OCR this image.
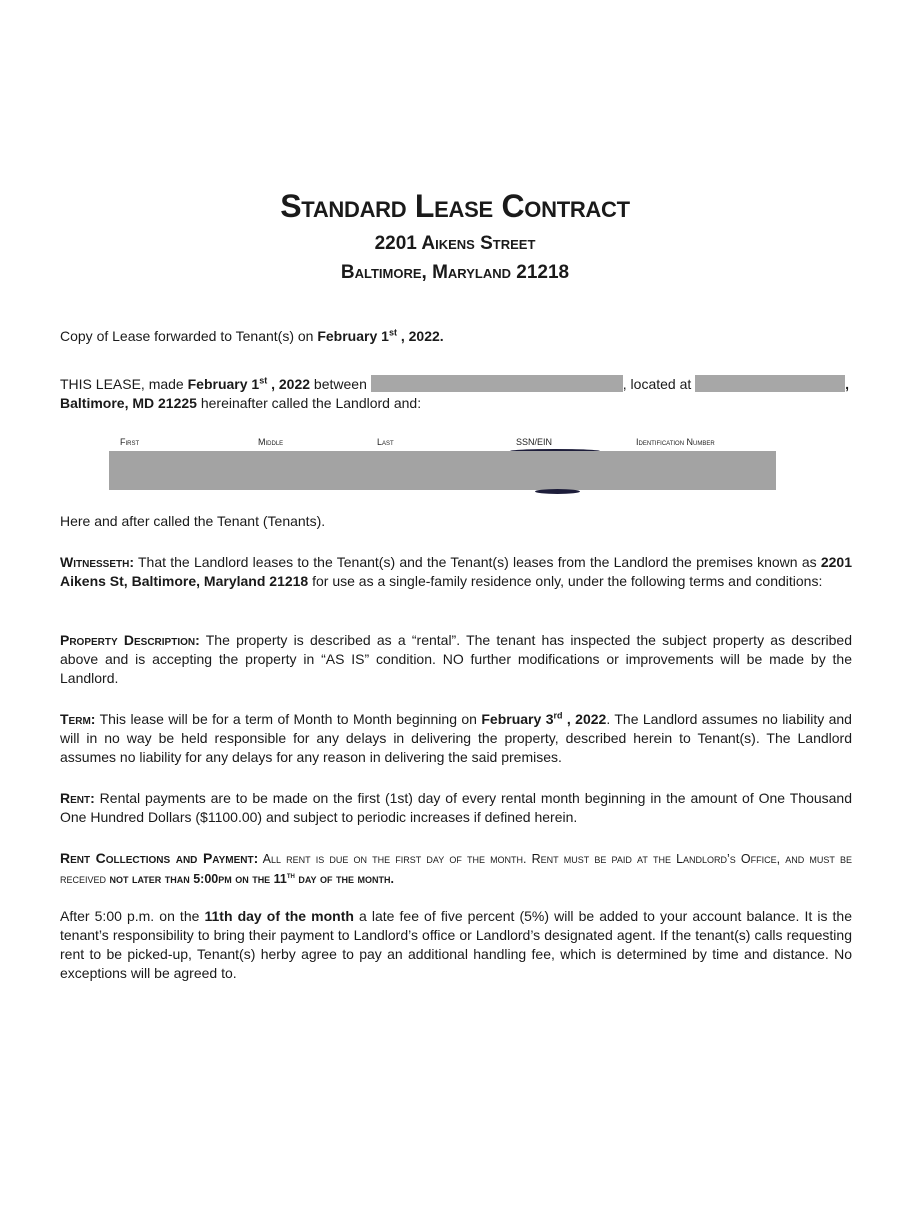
Standard Lease Contract
2201 Aikens Street
Baltimore, Maryland 21218
Copy of Lease forwarded to Tenant(s) on February 1st , 2022.
THIS LEASE, made February 1st , 2022 between	, located at	,
Baltimore, MD 21225 hereinafter called the Landlord and:
First	Middle	Last	SSN/EIN	Identification Number
Here and after called the Tenant (Tenants).
Witnesseth: That the Landlord leases to the Tenant(s) and the Tenant(s) leases from the Landlord the premises known as 2201 Aikens St, Baltimore, Maryland 21218 for use as a single-family residence only, under the following terms and conditions:
Property Description: The property is described as a “rental”. The tenant has inspected the subject property as described above and is accepting the property in “AS IS” condition. NO further modifications or improvements will be made by the Landlord.
Term: This lease will be for a term of Month to Month beginning on February 3rd , 2022. The Landlord assumes no liability and will in no way be held responsible for any delays in delivering the property, described herein to Tenant(s). The Landlord assumes no liability for any delays for any reason in delivering the said premises.
Rent: Rental payments are to be made on the first (1st) day of every rental month beginning in the amount of One Thousand One Hundred Dollars ($1100.00) and subject to periodic increases if defined herein.
Rent Collections and Payment: All rent is due on the first day of the month. Rent must be paid at the Landlord’s Office, and must be received not later than 5:00pm on the 11th day of the month.
After 5:00 p.m. on the 11th day of the month a late fee of five percent (5%) will be added to your account balance. It is the tenant’s responsibility to bring their payment to Landlord’s office or Landlord’s designated agent. If the tenant(s) calls requesting rent to be picked-up, Tenant(s) herby agree to pay an additional handling fee, which is determined by time and distance. No exceptions will be agreed to.
